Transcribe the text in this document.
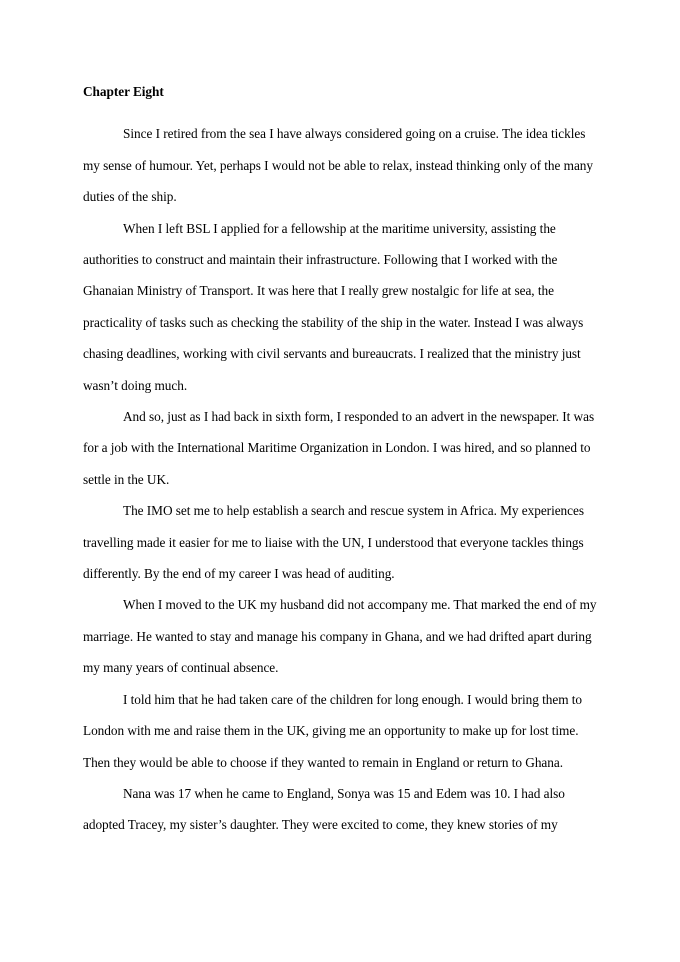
Chapter Eight

Since I retired from the sea I have always considered going on a cruise. The idea tickles my sense of humour. Yet, perhaps I would not be able to relax, instead thinking only of the many duties of the ship.

When I left BSL I applied for a fellowship at the maritime university, assisting the authorities to construct and maintain their infrastructure. Following that I worked with the Ghanaian Ministry of Transport. It was here that I really grew nostalgic for life at sea, the practicality of tasks such as checking the stability of the ship in the water. Instead I was always chasing deadlines, working with civil servants and bureaucrats. I realized that the ministry just wasn’t doing much.

And so, just as I had back in sixth form, I responded to an advert in the newspaper. It was for a job with the International Maritime Organization in London. I was hired, and so planned to settle in the UK.

The IMO set me to help establish a search and rescue system in Africa. My experiences travelling made it easier for me to liaise with the UN, I understood that everyone tackles things differently. By the end of my career I was head of auditing.

When I moved to the UK my husband did not accompany me. That marked the end of my marriage. He wanted to stay and manage his company in Ghana, and we had drifted apart during my many years of continual absence.

I told him that he had taken care of the children for long enough. I would bring them to London with me and raise them in the UK, giving me an opportunity to make up for lost time. Then they would be able to choose if they wanted to remain in England or return to Ghana.

Nana was 17 when he came to England, Sonya was 15 and Edem was 10. I had also adopted Tracey, my sister’s daughter. They were excited to come, they knew stories of my
